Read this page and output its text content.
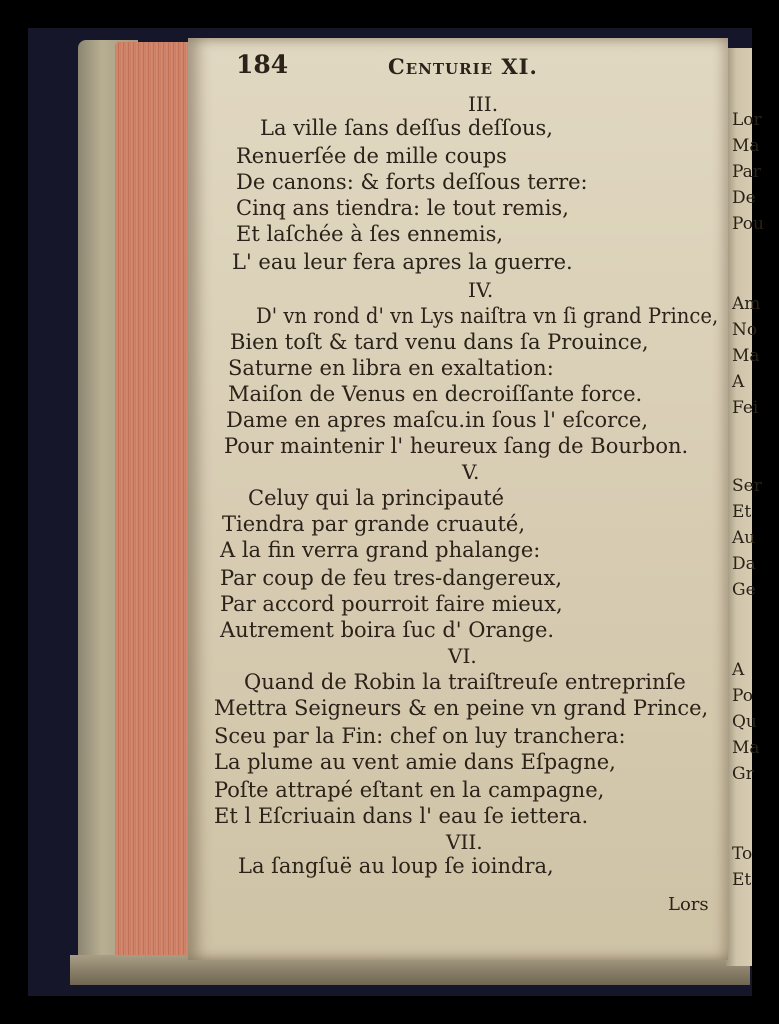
Lor
Ma
Par
De
Pou
Am
No
Ma
A
Fei
Ser
Et
Au
Da
Ge
A
Po
Qu
Ma
Gr
To
Et
184	Centurie XI.
III.
La ville ſans deſſus deſſous,
Renuerſée de mille coups
De canons: & forts deſſous terre:
Cinq ans tiendra: le tout remis,
Et laſchée à ſes ennemis,
L' eau leur fera apres la guerre.
IV.
D' vn rond d' vn Lys naiſtra vn ſi grand Prince,
Bien toſt & tard venu dans ſa Prouince,
Saturne en libra en exaltation:
Maiſon de Venus en decroiſſante force.
Dame en apres maſcu.in ſous l' eſcorce,
Pour maintenir l' heureux ſang de Bourbon.
V.
Celuy qui la principauté
Tiendra par grande cruauté,
A la fin verra grand phalange:
Par coup de feu tres-dangereux,
Par accord pourroit faire mieux,
Autrement boira ſuc d' Orange.
VI.
Quand de Robin la traiſtreuſe entreprinſe
Mettra Seigneurs & en peine vn grand Prince,
Sceu par la Fin: chef on luy tranchera:
La plume au vent amie dans Eſpagne,
Poſte attrapé eſtant en la campagne,
Et l Eſcriuain dans l' eau ſe iettera.
VII.
La ſangſuë au loup ſe ioindra,
Lors
